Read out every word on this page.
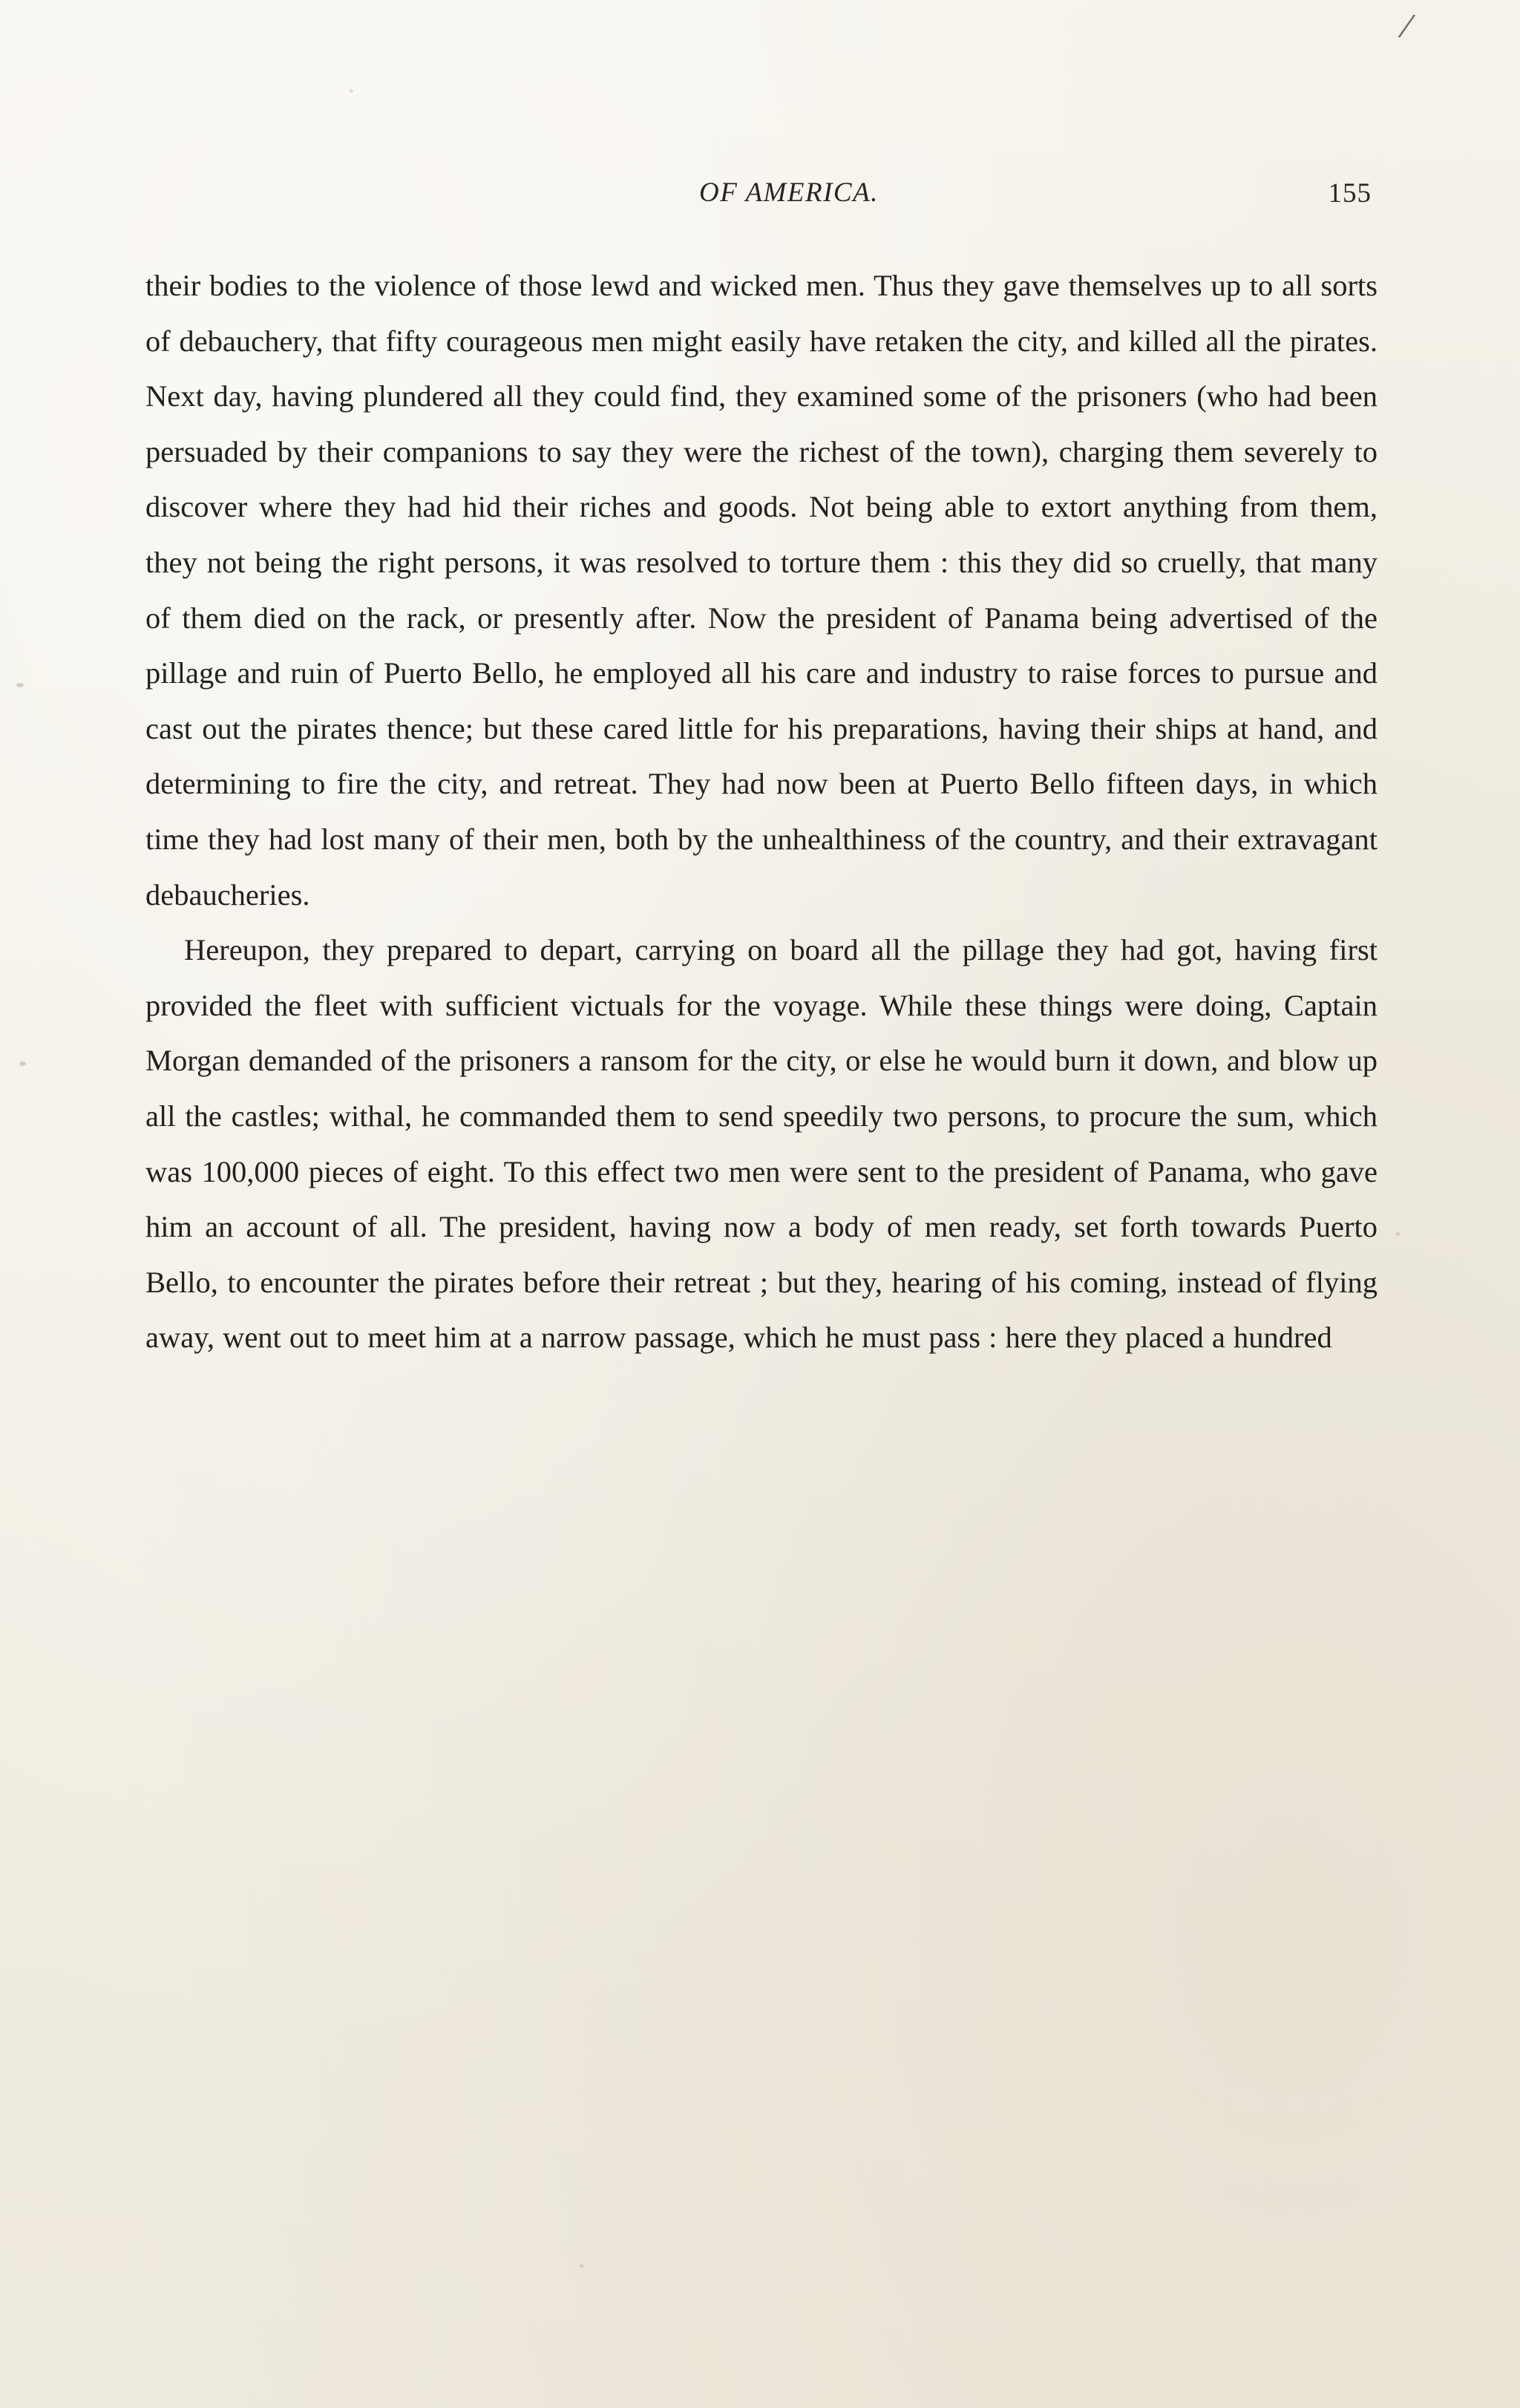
/
OF AMERICA.	155

their bodies to the violence of those lewd and wicked men. Thus they gave themselves up to all sorts of debauchery, that fifty courageous men might easily have retaken the city, and killed all the pirates. Next day, having plundered all they could find, they examined some of the prisoners (who had been persuaded by their companions to say they were the richest of the town), charging them severely to discover where they had hid their riches and goods. Not being able to extort anything from them, they not being the right persons, it was resolved to torture them : this they did so cruelly, that many of them died on the rack, or presently after. Now the president of Panama being advertised of the pillage and ruin of Puerto Bello, he employed all his care and industry to raise forces to pursue and cast out the pirates thence; but these cared little for his preparations, having their ships at hand, and determining to fire the city, and retreat. They had now been at Puerto Bello fifteen days, in which time they had lost many of their men, both by the unhealthiness of the country, and their extravagant debaucheries.

Hereupon, they prepared to depart, carrying on board all the pillage they had got, having first provided the fleet with sufficient victuals for the voyage. While these things were doing, Captain Morgan demanded of the prisoners a ransom for the city, or else he would burn it down, and blow up all the castles; withal, he commanded them to send speedily two persons, to procure the sum, which was 100,000 pieces of eight. To this effect two men were sent to the president of Panama, who gave him an account of all. The president, having now a body of men ready, set forth towards Puerto Bello, to encounter the pirates before their retreat ; but they, hearing of his coming, instead of flying away, went out to meet him at a narrow passage, which he must pass : here they placed a hundred
